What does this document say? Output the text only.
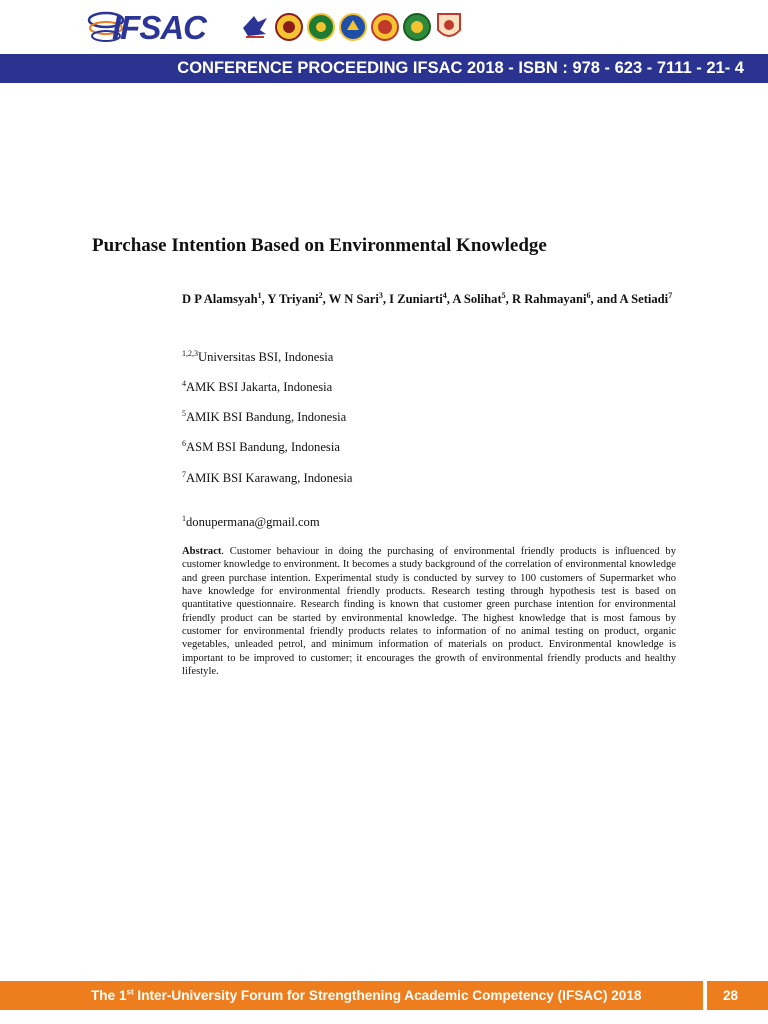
IFSAC
CONFERENCE PROCEEDING IFSAC 2018 - ISBN : 978 - 623 - 7111 - 21- 4
Purchase Intention Based on Environmental Knowledge
D P Alamsyah$^1$, Y Triyani$^2$, W N Sari$^3$, I Zuniarti$^4$, A Solihat$^5$, R Rahmayani$^6$, and A Setiadi$^7$
$^{1,2,3}$Universitas BSI, Indonesia
$^4$AMK BSI Jakarta, Indonesia
$^5$AMIK BSI Bandung, Indonesia
$^6$ASM BSI Bandung, Indonesia
$^7$AMIK BSI Karawang, Indonesia
$^1$donupermana@gmail.com
Abstract. Customer behaviour in doing the purchasing of environmental friendly products is influenced by customer knowledge to environment. It becomes a study background of the correlation of environmental knowledge and green purchase intention. Experimental study is conducted by survey to 100 customers of Supermarket who have knowledge for environmental friendly products. Research testing through hypothesis test is based on quantitative questionnaire. Research finding is known that customer green purchase intention for environmental friendly product can be started by environmental knowledge. The highest knowledge that is most famous by customer for environmental friendly products relates to information of no animal testing on product, organic vegetables, unleaded petrol, and minimum information of materials on product. Environmental knowledge is important to be improved to customer; it encourages the growth of environmental friendly products and healthy lifestyle.
The 1st Inter-University Forum for Strengthening Academic Competency (IFSAC) 2018	28
